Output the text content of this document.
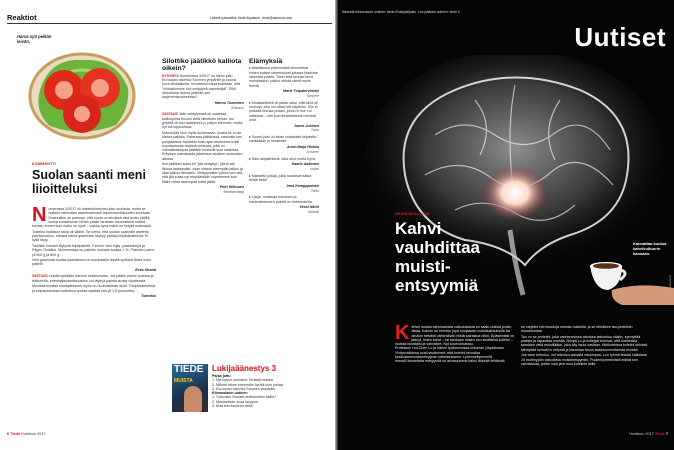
Reaktiot	Lähetä palautetta: tiede.fi/palaute, tiede@sanoma.com
Harva syö pelkän leivän.
KOMMENTTI
Suolan saanti meni liioitteluksi
N umerossa 2/2017 oli mielenkiintoinen juttu suolasta, mutta se huitaisi mielestäni asiantuntevasti leipomoteollisuuden suuntaan.

Ensinnäkin on parempi, että suola on leivässä eikä levän päällä, koska suolattoman leivän päälle tarvitaan huomattava määrä suolaa, ennen kuin maku on hyvä – vaikka hyvä maku on tietysti makuasia.

Toiseksi huitaisun takia oli väärin. Se kertoi, että suolan saanniile asetettu päiväsuositus, eitoista nämä grammaa, täyttyy parista leipäsiipaleesta. Ei kyllä täyty.

Tarkistin kotoani löytyvät leipäpaketit. Fazerin Vesi eljäs -paahtoleipä ja Pågen Olvallus. Molemmissa on paketin mukaan suolaa 1 %. Paketten paino yli 500 g ja 600 g.

Vesi grammaa suolaa saadaksesi on kumpaakin leipää syötävä lähes koko paketti.

Eeva Strand

VASTAUS Leipää syödään harvoin sellaisenaan. Jos päälle panee juustoa ja leikkeleitä, enimmäissaantisuositus voi täyttyä parista isosta viipaleesta.

Monissa leivissä suolapitoisuus myös on huomattavan suuri. Padpintaleivissä ja esipaistetuissa tuotteissa suolaa saattaa olla yli 1,5 prosenttia.

Toimitus
Silottiko jäätikkö kalliota oikein?

KYSYMYS Numerossa 3/2017 on hieno juttu Euroopan rakentui Suomen ympärille ja kaunis kuva silokalliosta. Kuvateksti tossa todetaan, että "silokalliomme hioi vetäytyvä mannerjää". Eikö silokalliota hiomut jäätikkö sen laajenemisvaiheessa?

Hannu Tuominen
Sotkamo

VASTAUS Jään vetäytyessä eli sulaessa kallionpinta hioutui vielä viimeisen kerran. Iso jyrsintä oli toki tapahtunut jo paljon aiemmin, mutta nyt tuli loppusilaus.

Mannerjää hioo myös sulaessaan, koska se ei ole kiinteä palikka. Paksussa jäätikössä, varsinkin sen pohjaosissa, tapahtuu koko ajan etureunaa kohti suuntautuvaa sisäistä virtausta, joka on voimakkaampaa jäätikön keskellä kuin sadeissa. Erityisen voimakasta jäävirtaus sisäisen sulamisen aikana.

Kun jäätikkö sulaa eli "jää vetäytyy", jää ei ala liikkua taaksepäin, vaan virtaus eteenpäin jatkuu ja siksi jatkuu hiontakin. Vetäytymisen jottua vain sitä, että jää sulaa nyt etupäästään nopeammin kuin tilalle virtaa taaempaa uutta jäätä.

Petri Riikonen
tiedetoimittaja
Elämyksiä

▸ Maaliskuun pidemmistä kiinnostivat eniten kotiset rakennukset jutussa Maailma rakentaa pilvien. Tosin siitä seurasi lievä mahalaskun: pakko nähdä nämä myös livenä!

Marie Tolpatervininki
Tampere

▸ Muistiartikkeli oli paras sikisi, että siinä oli neuvoja, jolla voi ottaa heti käyttöön. Siis ei pelkkää teoriaa jostain, johon ei itse voi vaikuttaa – niin kuin tiedeartikkelit monesti ovat.

Janne Jokinen
Turku

▸ Suomi-juttu oli aivan loistavasti kirjoitettu, värikkäästi ja hauskasti.

Anne-Maija Hinkka
Joroinen

▸ Sain lahjalehtenä. Aika ohut mutta hyvä.

Kaarlo Aaltonen
Inakel

▸ Maksella juttuja, joilla ruokkivat hatua tietää lisää!

Irma Kempppainen
Turku

▸ Laaja, mukavan kokoinen ja mielenkiintoinen paketti en tieteenalolta.

Vessi Närhi
Helsinki
TIEDE
MUISTA
Lukijaäänestys 3
Paras juttu
1. Nyt loppui unohtelu: Terästä muistia
2. Niihetti tekee enemmän hyvää kuin pahaa
3. Euroopan rakentui Suomen ympärille
Kiinnostavin uutinen
1. Tulevaiko virukset antibioottien tilalle?
2. Mustaviidan ouaa luuppua
3. Maa teki itselleen vettä
6 Tiede Huhtikuu 2017
Äänestä kiinnostavin uutinen: tiede.fi/lukijakilpailu. Lue pääsän uutinen: tiede.fi
Uutiset
Kannattaa kuulua kahvikultuurin kansaan.
Kuva: Shutterstock
NEUROBIOLOGIA
Kahvi vauhdittaa muisti-entsyymiä
K ahvin muista vahvistavista vaikutuksista on saatu uutisia jonkin aikaa. Kahvin on kerrottu jopa suojaavan muistisairauksilta tai ainakin selvästi vähentävän niistä sairastua riihin. Epäselvästi on jäänyt, miten kahvi – tai tarkkaan ottaen sen sisältämä kofeiini – muistia boostaisi ja vahvistee. Nyt kuva kirkastuu.

Professori Hui-Chen Lu ja hänen työtovernissa Indianan yliopistossa Yhdysvalloissa ovat havainneet, että kofeiini tehostaa keskushermostoentsyymin valmistukseen. Lyhenneltymmellä nmnat2:tunnettuta entsyymiä on aivosoumme kaksi tärkeää tehtävää.

se varjelee hermosoluja stressin haitoilta, ja se ehkäisee tau-proteiinin muodostusta.

Tau on se proteiini, joka vanhenevissa aivoissa laskostuu väärin, syrmyttää plakkia ja rapauttaa muistia. Niinpä Lu ja kollegat toivovat, että kofeiinista saadaan vielä muistilääke, joka käy tauta vastaan. Hiirikokeissa kofeiini selvästi kiihdyttää nmnat2:n eritystä ja parantaa tauun tavkkuunmuttamaa muistia.

Jos toive toteutuu, voi toteutuu samalla vasampaa. Lun ryhmä testasi kaikkiaan 24 molekyyliin vaikutusta muistientsyymiin. Puolenkymmenistä edistä sen valmistusta, joskin vain yksi muu kofeiinin lailla.

Huhtikuu 2017 Tiede 7
